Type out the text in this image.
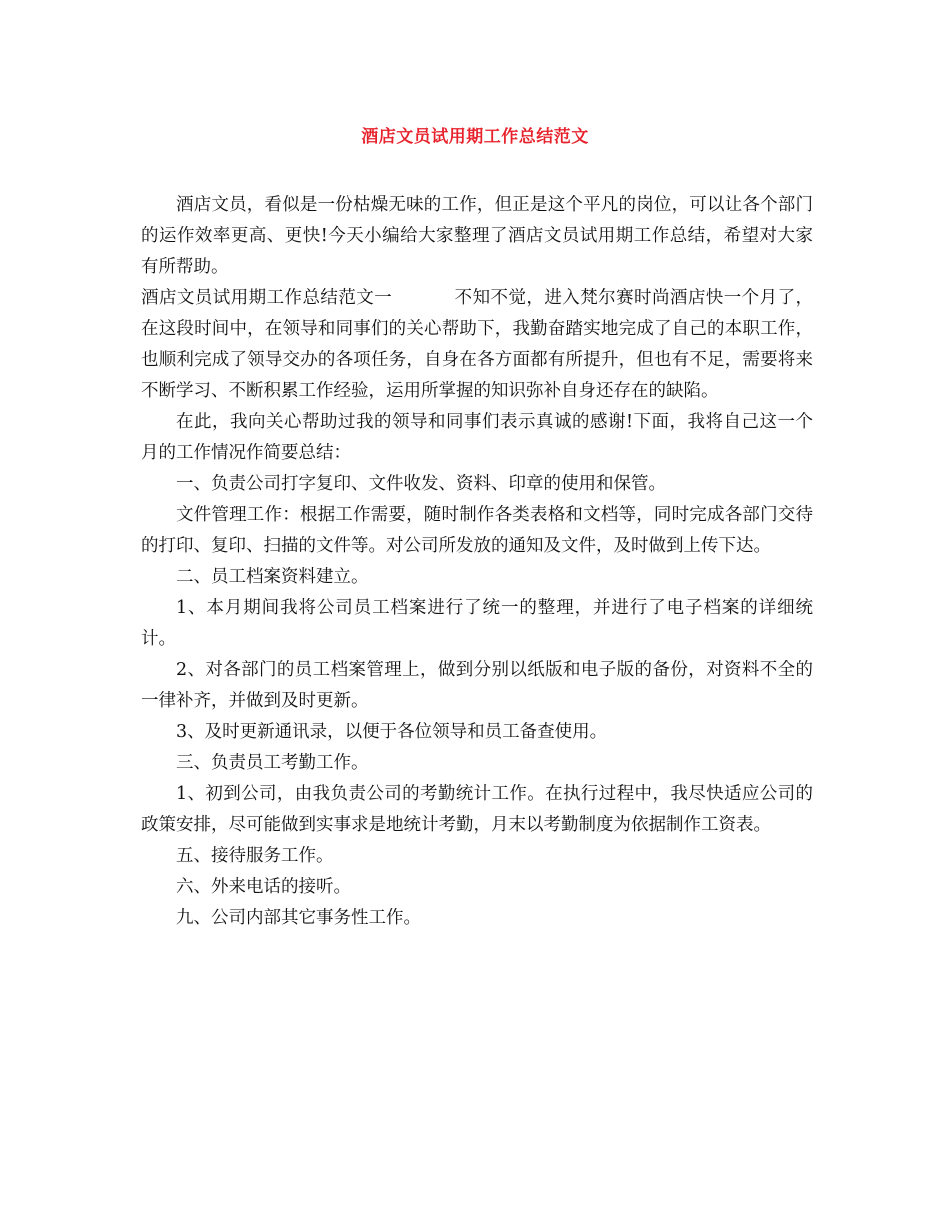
酒店文员试用期工作总结范文

酒店文员，看似是一份枯燥无味的工作，但正是这个平凡的岗位，可以让各个部门的运作效率更高、更快!今天小编给大家整理了酒店文员试用期工作总结，希望对大家有所帮助。

酒店文员试用期工作总结范文一	不知不觉，进入梵尔赛时尚酒店快一个月了，在这段时间中，在领导和同事们的关心帮助下，我勤奋踏实地完成了自己的本职工作，也顺利完成了领导交办的各项任务，自身在各方面都有所提升，但也有不足，需要将来不断学习、不断积累工作经验，运用所掌握的知识弥补自身还存在的缺陷。

在此，我向关心帮助过我的领导和同事们表示真诚的感谢!下面，我将自己这一个月的工作情况作简要总结：

一、负责公司打字复印、文件收发、资料、印章的使用和保管。

文件管理工作：根据工作需要，随时制作各类表格和文档等，同时完成各部门交待的打印、复印、扫描的文件等。对公司所发放的通知及文件，及时做到上传下达。

二、员工档案资料建立。

1、本月期间我将公司员工档案进行了统一的整理，并进行了电子档案的详细统计。

2、对各部门的员工档案管理上，做到分别以纸版和电子版的备份，对资料不全的一律补齐，并做到及时更新。

3、及时更新通讯录，以便于各位领导和员工备查使用。

三、负责员工考勤工作。

1、初到公司，由我负责公司的考勤统计工作。在执行过程中，我尽快适应公司的政策安排，尽可能做到实事求是地统计考勤，月末以考勤制度为依据制作工资表。

五、接待服务工作。

六、外来电话的接听。

九、公司内部其它事务性工作。
